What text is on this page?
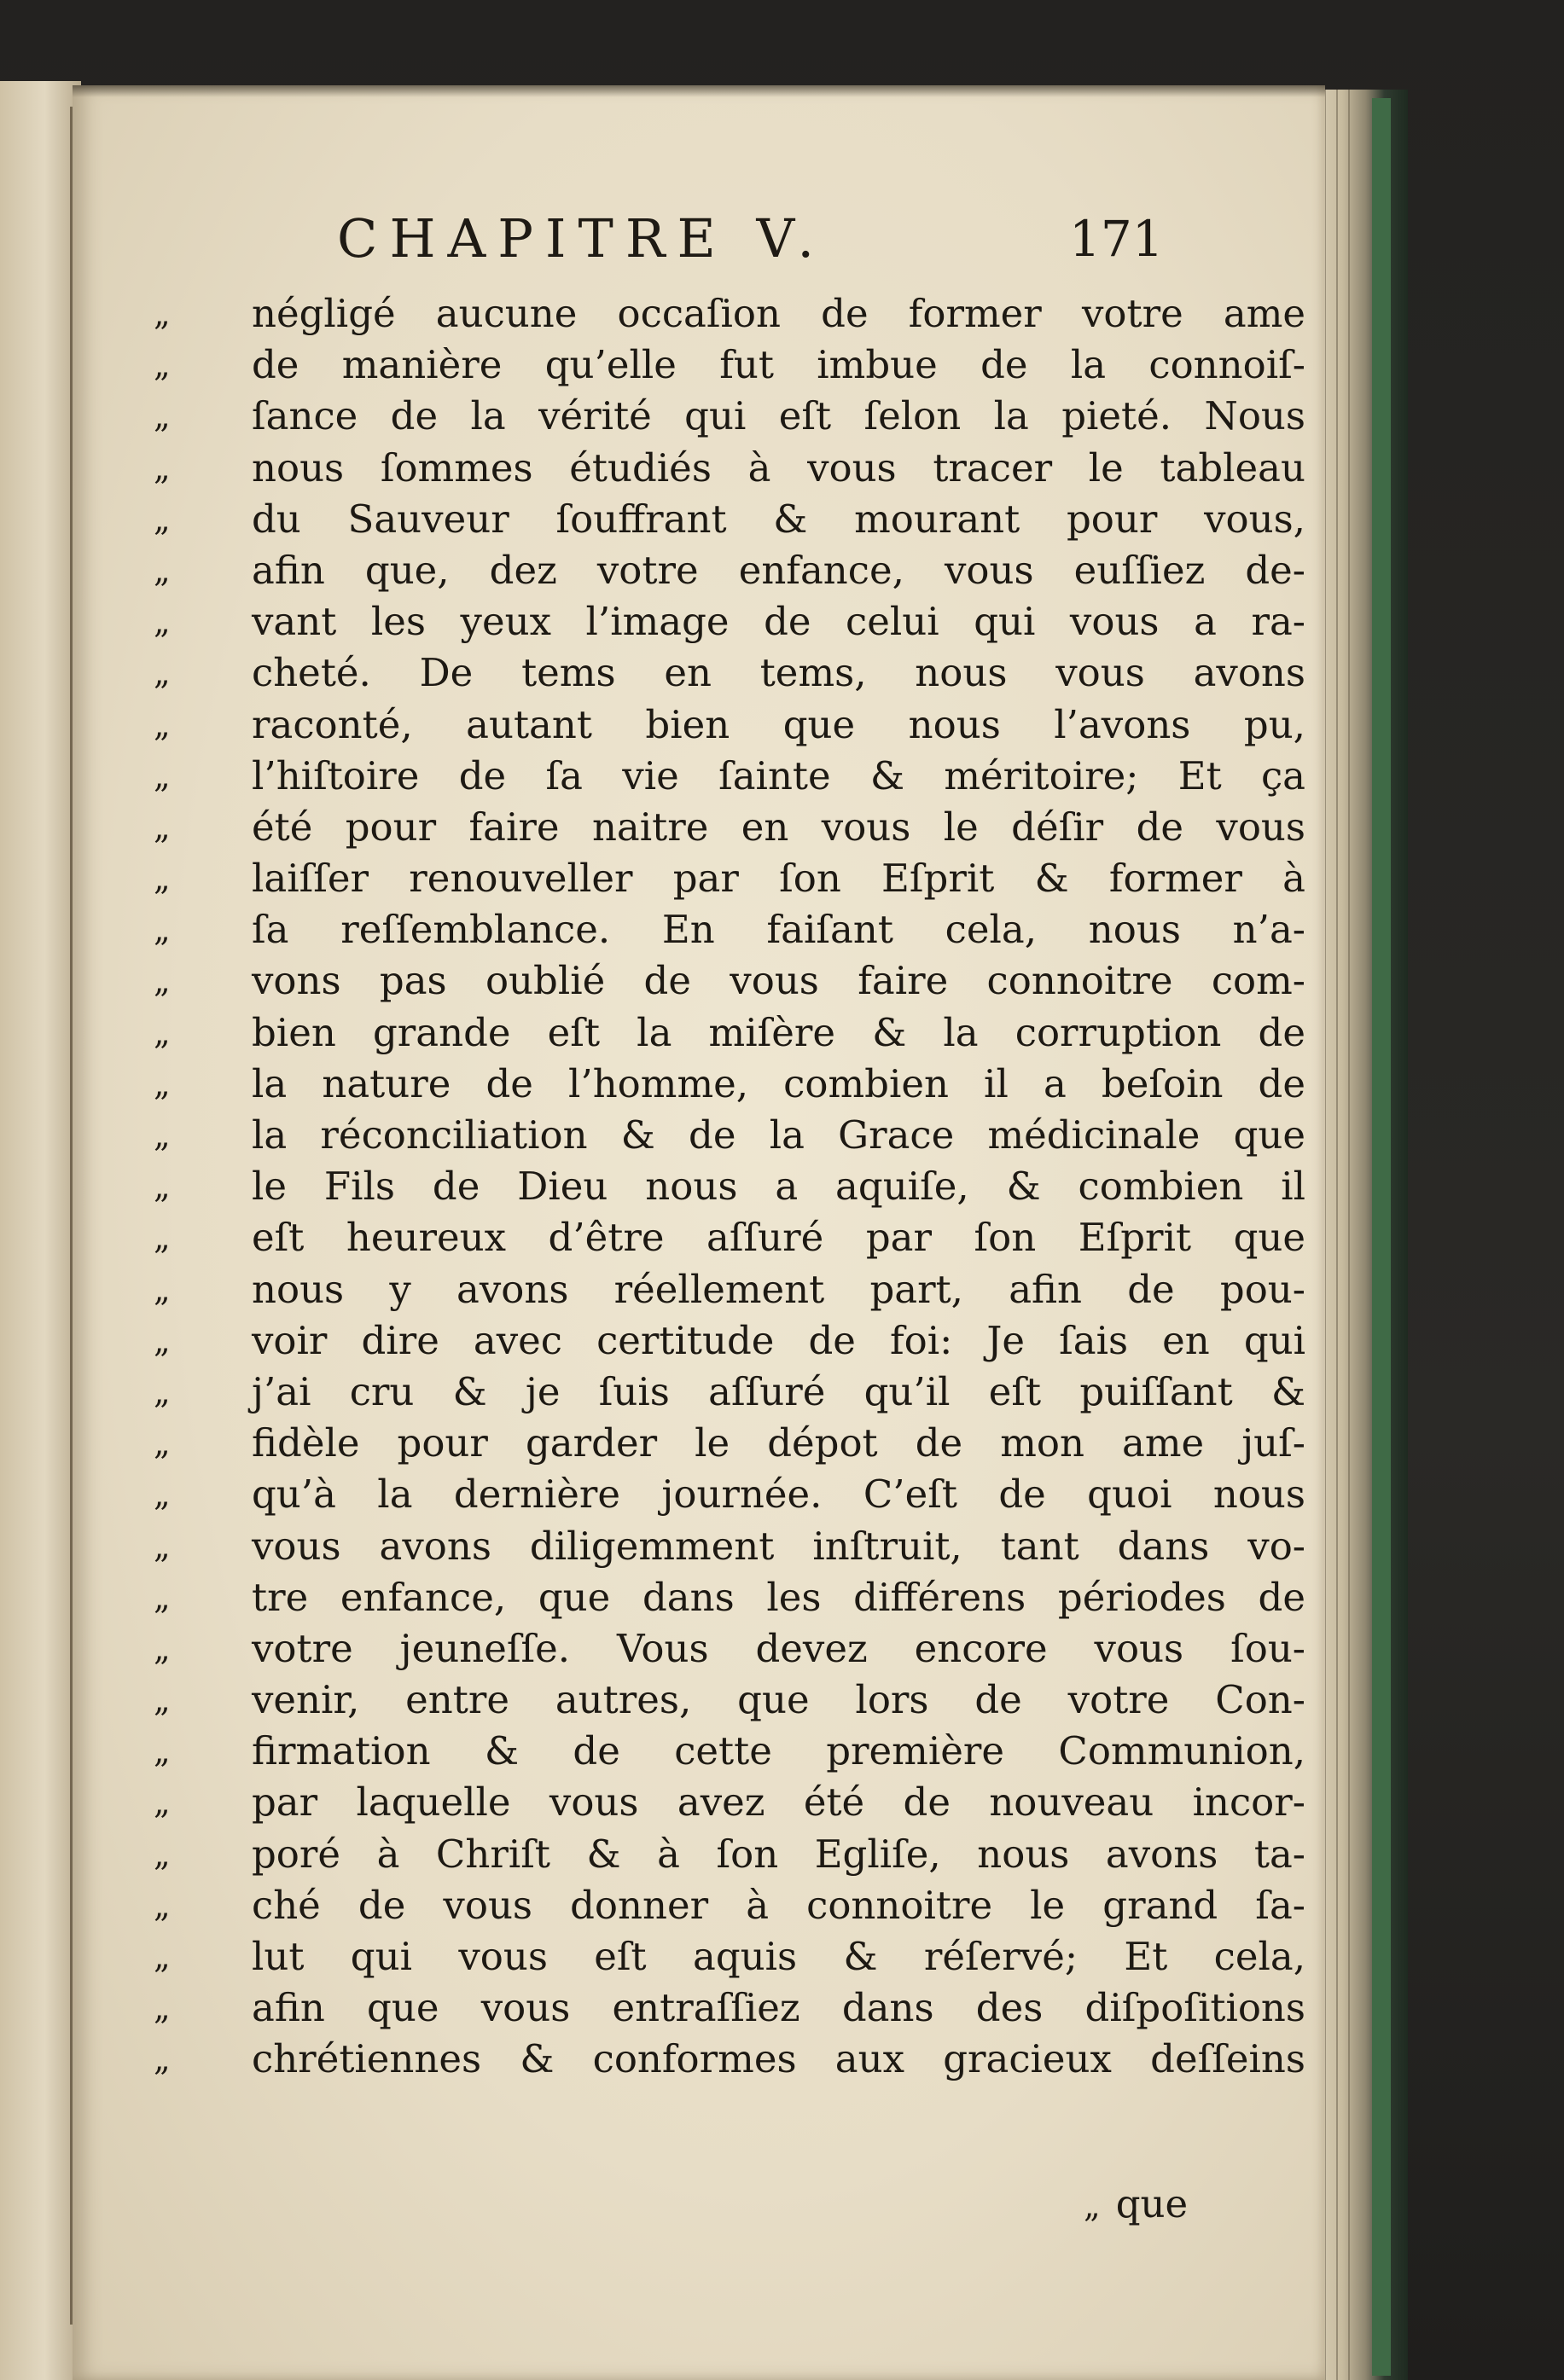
CHAPITRE V.	171
„	négligé aucune occaſion de former votre ame
„	de manière qu’elle fut imbue de la connoiſ-
„	ſance de la vérité qui eſt ſelon la pieté. Nous
„	nous ſommes étudiés à vous tracer le tableau
„	du Sauveur ſouffrant & mourant pour vous,
„	afin que, dez votre enfance, vous euſſiez de-
„	vant les yeux l’image de celui qui vous a ra-
„	cheté. De tems en tems, nous vous avons
„	raconté, autant bien que nous l’avons pu,
„	l’hiſtoire de ſa vie ſainte & méritoire; Et ça
„	été pour faire naitre en vous le déſir de vous
„	laiſſer renouveller par ſon Eſprit & former à
„	ſa reſſemblance. En faiſant cela, nous n’a-
„	vons pas oublié de vous faire connoitre com-
„	bien grande eſt la miſère & la corruption de
„	la nature de l’homme, combien il a beſoin de
„	la réconciliation & de la Grace médicinale que
„	le Fils de Dieu nous a aquiſe, & combien il
„	eſt heureux d’être aſſuré par ſon Eſprit que
„	nous y avons réellement part, afin de pou-
„	voir dire avec certitude de foi: Je ſais en qui
„	j’ai cru & je ſuis aſſuré qu’il eſt puiſſant &
„	fidèle pour garder le dépot de mon ame juſ-
„	qu’à la dernière journée. C’eſt de quoi nous
„	vous avons diligemment inſtruit, tant dans vo-
„	tre enfance, que dans les différens périodes de
„	votre jeuneſſe. Vous devez encore vous ſou-
„	venir, entre autres, que lors de votre Con-
„	firmation & de cette première Communion,
„	par laquelle vous avez été de nouveau incor-
„	poré à Chriſt & à ſon Egliſe, nous avons ta-
„	ché de vous donner à connoitre le grand ſa-
„	lut qui vous eſt aquis & réſervé; Et cela,
„	afin que vous entraſſiez dans des diſpoſitions
„	chrétiennes & conformes aux gracieux deſſeins
„ que
